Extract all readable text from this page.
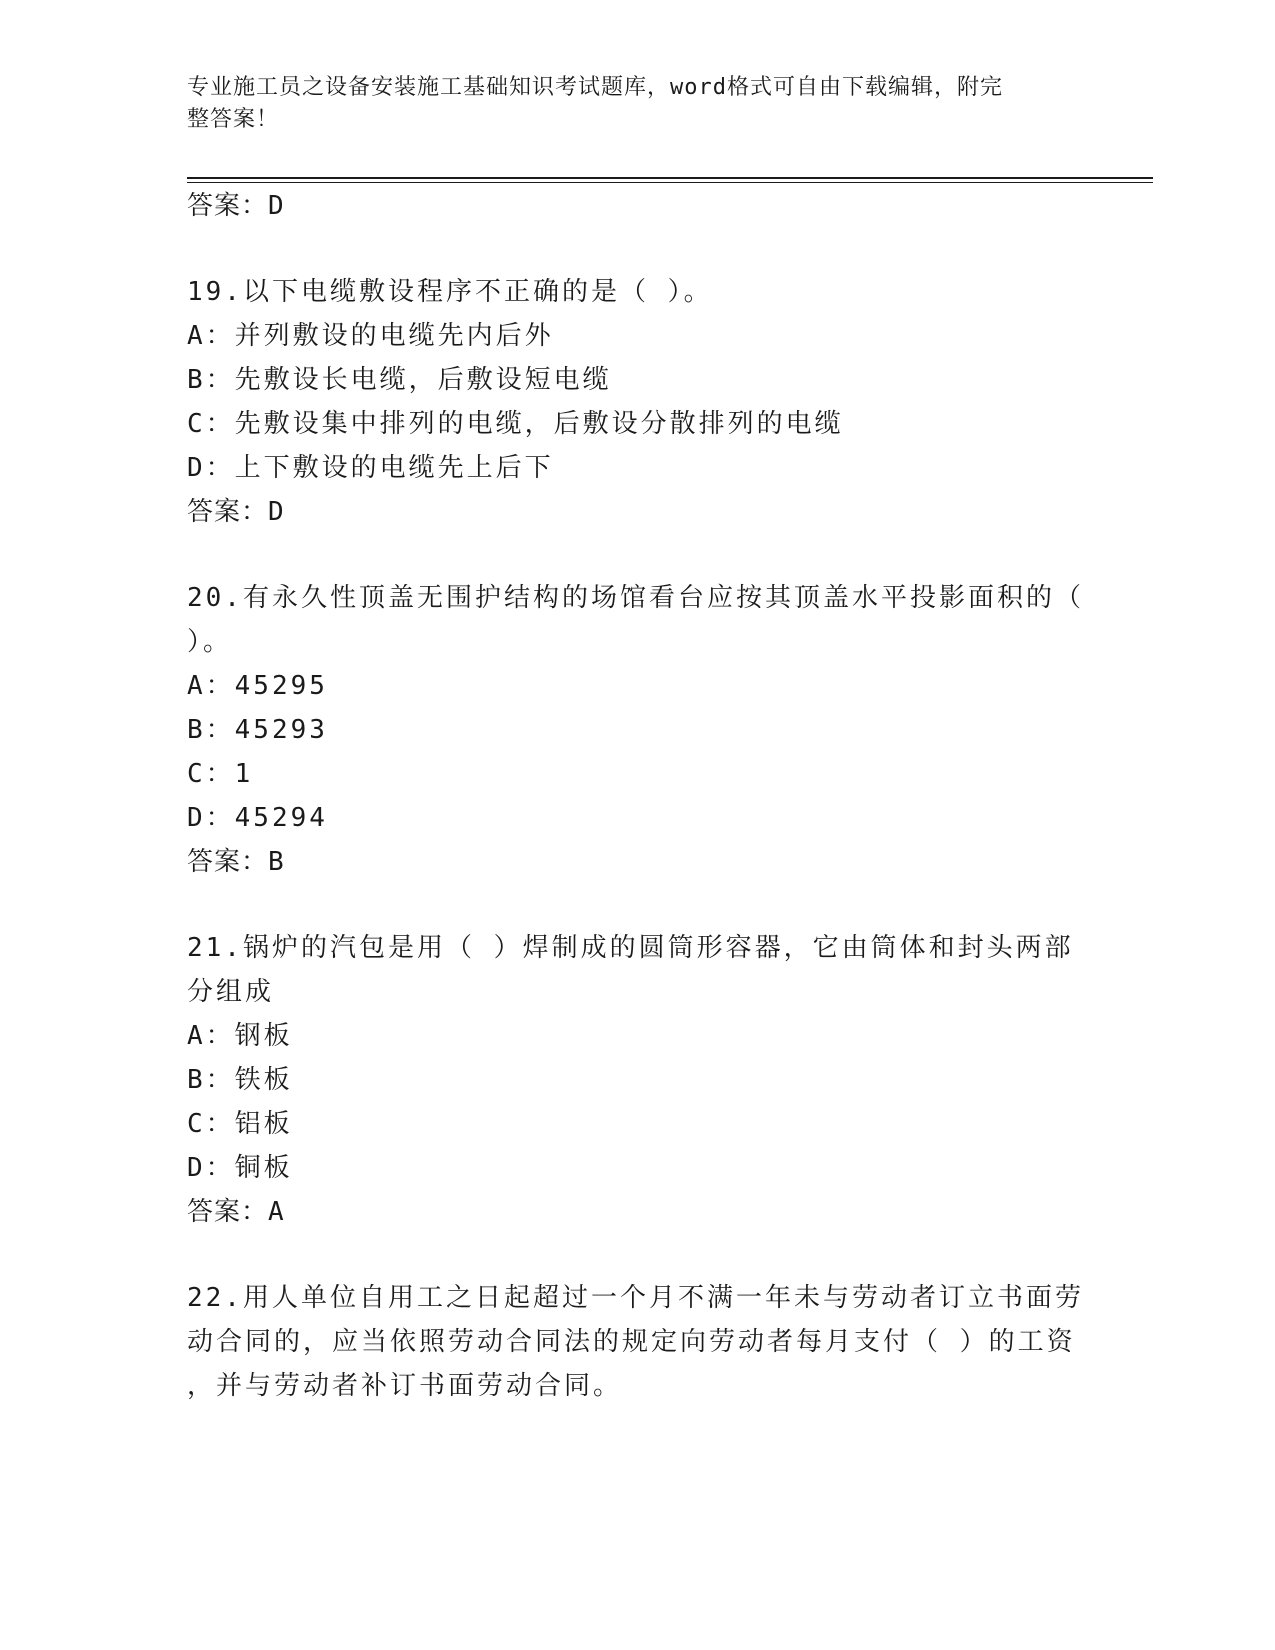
专业施工员之设备安装施工基础知识考试题库，word格式可自由下载编辑，附完
整答案！
答案：D
19.以下电缆敷设程序不正确的是（ ）。
A：并列敷设的电缆先内后外
B：先敷设长电缆，后敷设短电缆
C：先敷设集中排列的电缆，后敷设分散排列的电缆
D：上下敷设的电缆先上后下
答案：D
20.有永久性顶盖无围护结构的场馆看台应按其顶盖水平投影面积的（
）。
A：45295
B：45293
C：1
D：45294
答案：B
21.锅炉的汽包是用（ ）焊制成的圆筒形容器，它由筒体和封头两部
分组成
A：钢板
B：铁板
C：铝板
D：铜板
答案：A
22.用人单位自用工之日起超过一个月不满一年未与劳动者订立书面劳
动合同的，应当依照劳动合同法的规定向劳动者每月支付（ ）的工资
，并与劳动者补订书面劳动合同。
